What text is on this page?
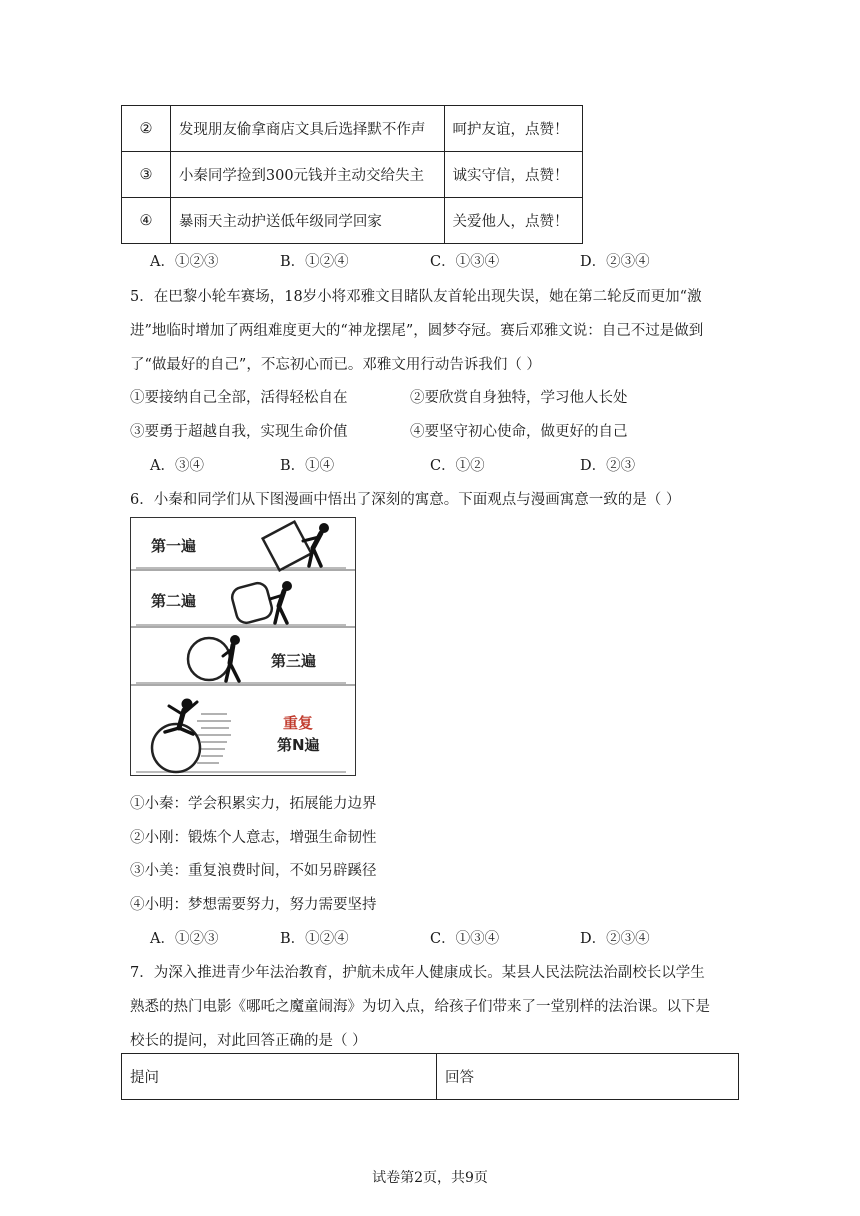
②	发现朋友偷拿商店文具后选择默不作声	呵护友谊，点赞！
③	小秦同学捡到300元钱并主动交给失主	诚实守信，点赞！
④	暴雨天主动护送低年级同学回家	关爱他人，点赞！
A．①②③	B．①②④	C．①③④	D．②③④
5．在巴黎小轮车赛场，18岁小将邓雅文目睹队友首轮出现失误，她在第二轮反而更加“激
进”地临时增加了两组难度更大的“神龙摆尾”，圆梦夺冠。赛后邓雅文说：自己不过是做到
了“做最好的自己”，不忘初心而已。邓雅文用行动告诉我们（ ）
①要接纳自己全部，活得轻松自在	②要欣赏自身独特，学习他人长处
③要勇于超越自我，实现生命价值	④要坚守初心使命，做更好的自己
A．③④	B．①④	C．①②	D．②③
6．小秦和同学们从下图漫画中悟出了深刻的寓意。下面观点与漫画寓意一致的是（ ）
第一遍
第二遍
第三遍
重复
第N遍
①小秦：学会积累实力，拓展能力边界
②小刚：锻炼个人意志，增强生命韧性
③小美：重复浪费时间，不如另辟蹊径
④小明：梦想需要努力，努力需要坚持
A．①②③	B．①②④	C．①③④	D．②③④
7．为深入推进青少年法治教育，护航未成年人健康成长。某县人民法院法治副校长以学生
熟悉的热门电影《哪吒之魔童闹海》为切入点，给孩子们带来了一堂别样的法治课。以下是
校长的提问，对此回答正确的是（ ）
提问	回答
试卷第2页，共9页
